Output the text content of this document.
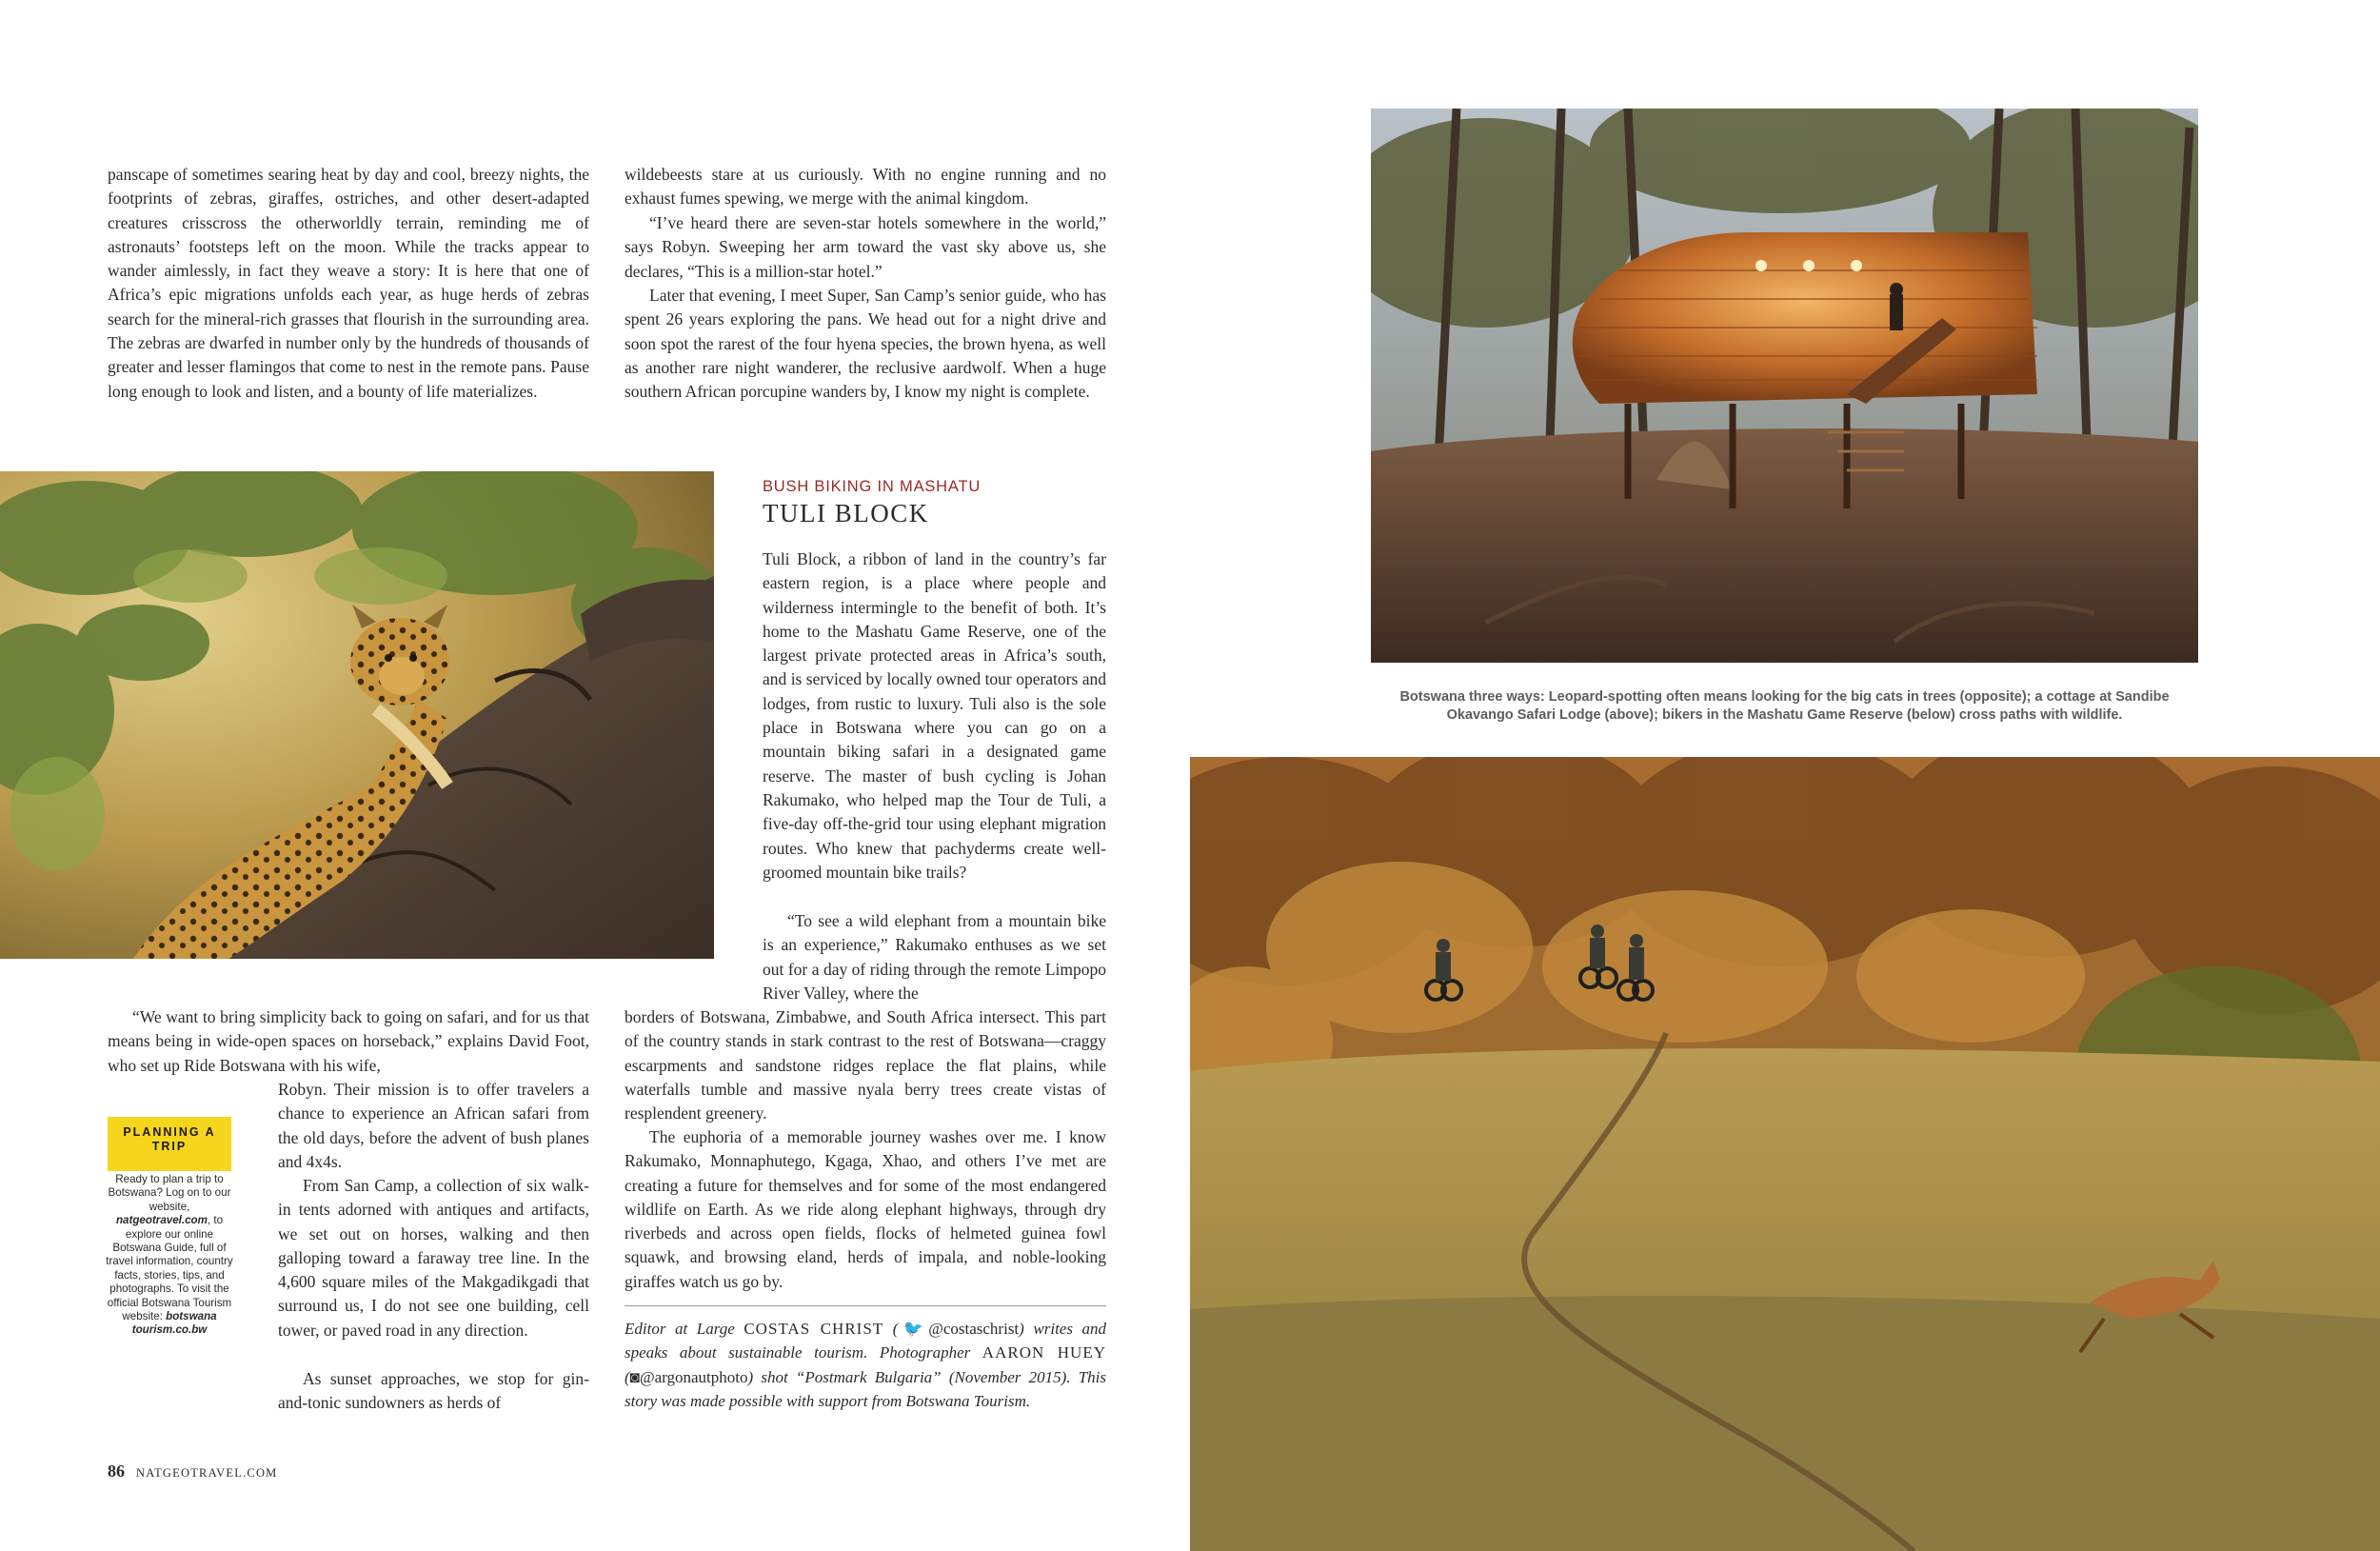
panscape of sometimes searing heat by day and cool, breezy nights, the footprints of zebras, giraffes, ostriches, and other desert-adapted creatures crisscross the otherworldly terrain, reminding me of astronauts’ footsteps left on the moon. While the tracks appear to wander aimlessly, in fact they weave a story: It is here that one of Africa’s epic migrations unfolds each year, as huge herds of zebras search for the mineral-rich grasses that flourish in the surrounding area. The zebras are dwarfed in number only by the hundreds of thousands of greater and lesser flamingos that come to nest in the remote pans. Pause long enough to look and listen, and a bounty of life materializes.

wildebeests stare at us curiously. With no engine running and no exhaust fumes spewing, we merge with the animal kingdom.

“I’ve heard there are seven-star hotels somewhere in the world,” says Robyn. Sweeping her arm toward the vast sky above us, she declares, “This is a million-star hotel.”

Later that evening, I meet Super, San Camp’s senior guide, who has spent 26 years exploring the pans. We head out for a night drive and soon spot the rarest of the four hyena species, the brown hyena, as well as another rare night wanderer, the reclusive aardwolf. When a huge southern African porcupine wanders by, I know my night is complete.

BUSH BIKING IN MASHATU
TULI BLOCK

Tuli Block, a ribbon of land in the country’s far eastern region, is a place where people and wilderness intermingle to the benefit of both. It’s home to the Mashatu Game Reserve, one of the largest private protected areas in Africa’s south, and is serviced by locally owned tour operators and lodges, from rustic to luxury. Tuli also is the sole place in Botswana where you can go on a mountain biking safari in a designated game reserve. The master of bush cycling is Johan Rakumako, who helped map the Tour de Tuli, a five-day off-the-grid tour using elephant migration routes. Who knew that pachyderms create well-groomed mountain bike trails?

“To see a wild elephant from a mountain bike is an experience,” Rakumako enthuses as we set out for a day of riding through the remote Limpopo River Valley, where the

borders of Botswana, Zimbabwe, and South Africa intersect. This part of the country stands in stark contrast to the rest of Botswana—craggy escarpments and sandstone ridges replace the flat plains, while waterfalls tumble and massive nyala berry trees create vistas of resplendent greenery.

The euphoria of a memorable journey washes over me. I know Rakumako, Monnaphutego, Kgaga, Xhao, and others I’ve met are creating a future for themselves and for some of the most endangered wildlife on Earth. As we ride along elephant highways, through dry riverbeds and across open fields, flocks of helmeted guinea fowl squawk, and browsing eland, herds of impala, and noble-looking giraffes watch us go by.

“We want to bring simplicity back to going on safari, and for us that means being in wide-open spaces on horseback,” explains David Foot, who set up Ride Botswana with his wife,

Robyn. Their mission is to offer travelers a chance to experience an African safari from the old days, before the advent of bush planes and 4x4s.

From San Camp, a collection of six walk-in tents adorned with antiques and artifacts, we set out on horses, walking and then galloping toward a faraway tree line. In the 4,600 square miles of the Makgadikgadi that surround us, I do not see one building, cell tower, or paved road in any direction.

As sunset approaches, we stop for gin-and-tonic sundowners as herds of

PLANNING A TRIP
Ready to plan a trip to Botswana? Log on to our website, natgeotravel.com, to explore our online Botswana Guide, full of travel information, country facts, stories, tips, and photographs. To visit the official Botswana Tourism website: botswana tourism.co.bw	Editor at Large COSTAS CHRIST (🐦@costaschrist) writes and speaks about sustainable tourism. Photographer AARON HUEY (◙@argonautphoto) shot “Postmark Bulgaria” (November 2015). This story was made possible with support from Botswana Tourism.
86 NATGEOTRAVEL.COM
Botswana three ways: Leopard-spotting often means looking for the big cats in trees (opposite); a cottage at Sandibe Okavango Safari Lodge (above); bikers in the Mashatu Game Reserve (below) cross paths with wildlife.
